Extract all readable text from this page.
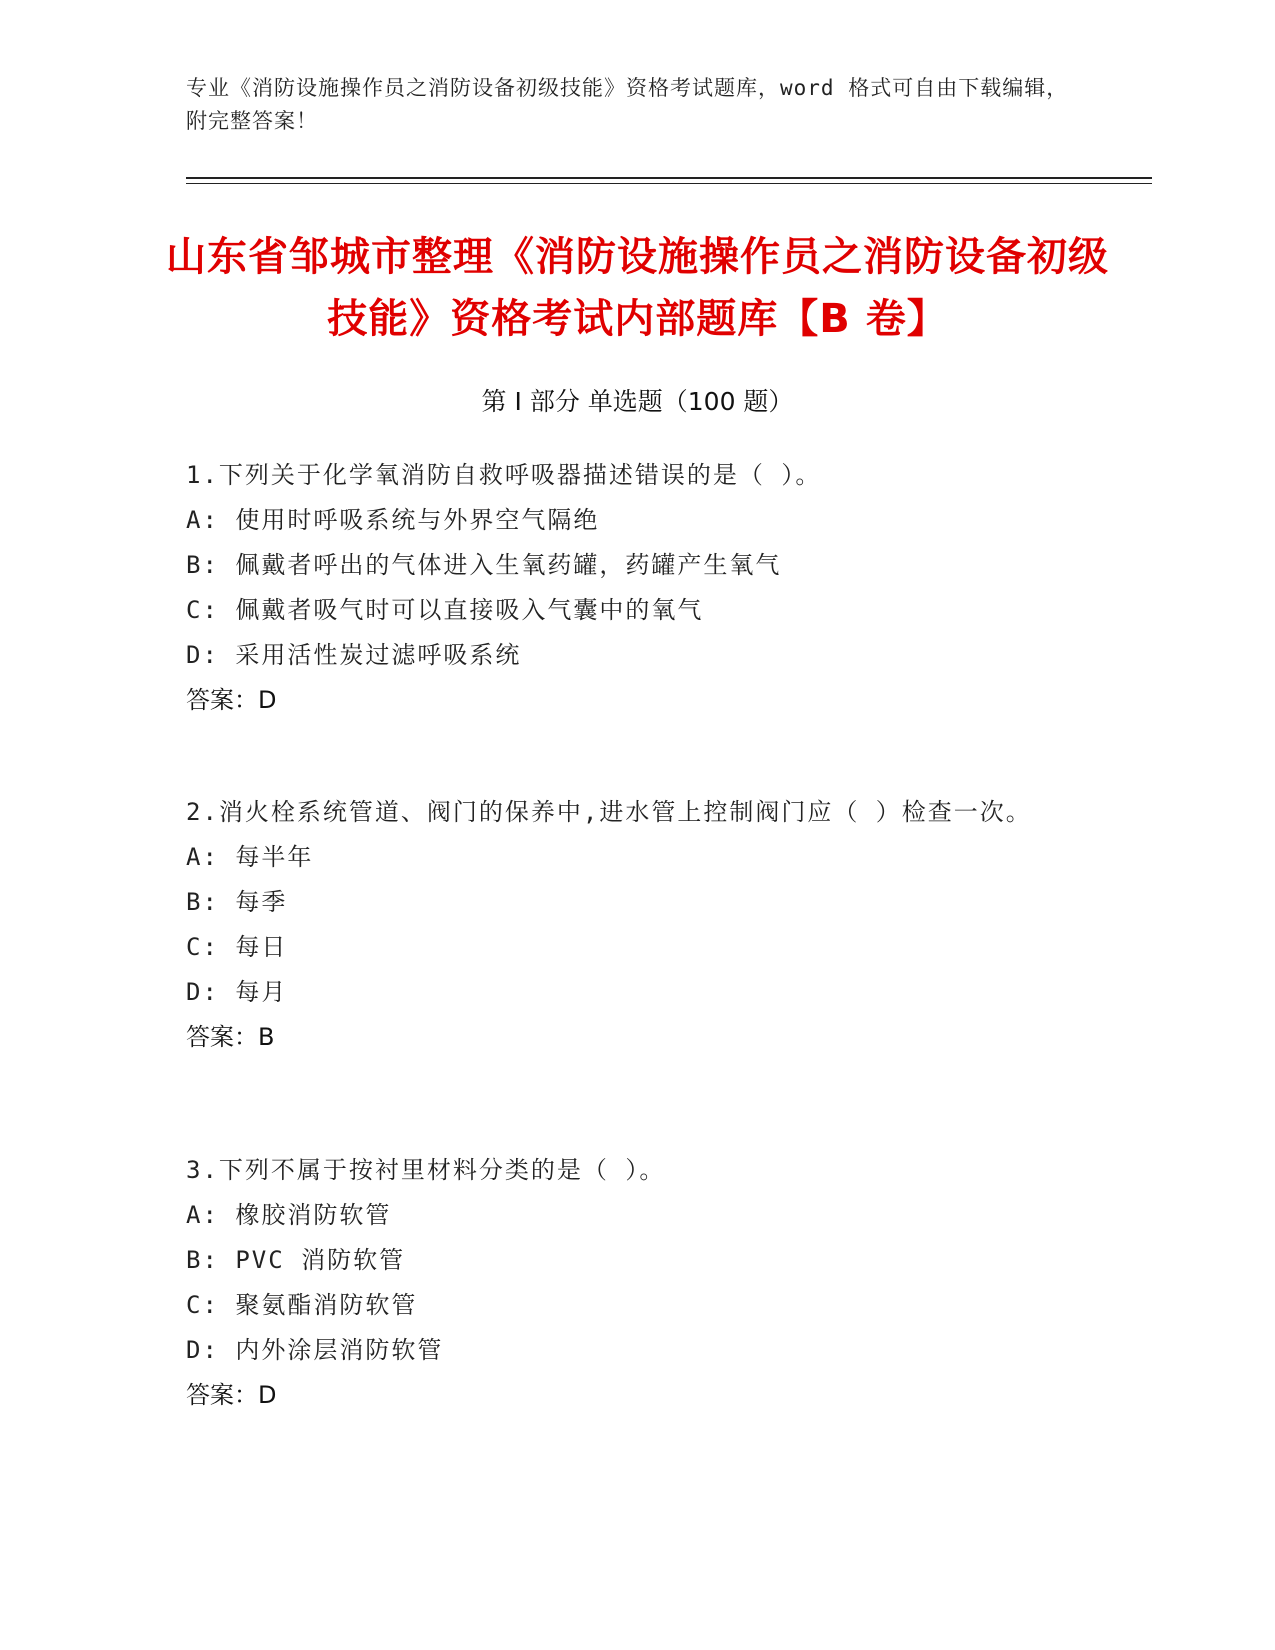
专业《消防设施操作员之消防设备初级技能》资格考试题库，word 格式可自由下载编辑，附完整答案！
山东省邹城市整理《消防设施操作员之消防设备初级技能》资格考试内部题库【B 卷】
第 I 部分 单选题（100 题）
1.下列关于化学氧消防自救呼吸器描述错误的是（ ）。
A: 使用时呼吸系统与外界空气隔绝
B: 佩戴者呼出的气体进入生氧药罐，药罐产生氧气
C: 佩戴者吸气时可以直接吸入气囊中的氧气
D: 采用活性炭过滤呼吸系统
答案：D
2.消火栓系统管道、阀门的保养中,进水管上控制阀门应（ ）检查一次。
A: 每半年
B: 每季
C: 每日
D: 每月
答案：B
3.下列不属于按衬里材料分类的是（ ）。
A: 橡胶消防软管
B: PVC 消防软管
C: 聚氨酯消防软管
D: 内外涂层消防软管
答案：D
